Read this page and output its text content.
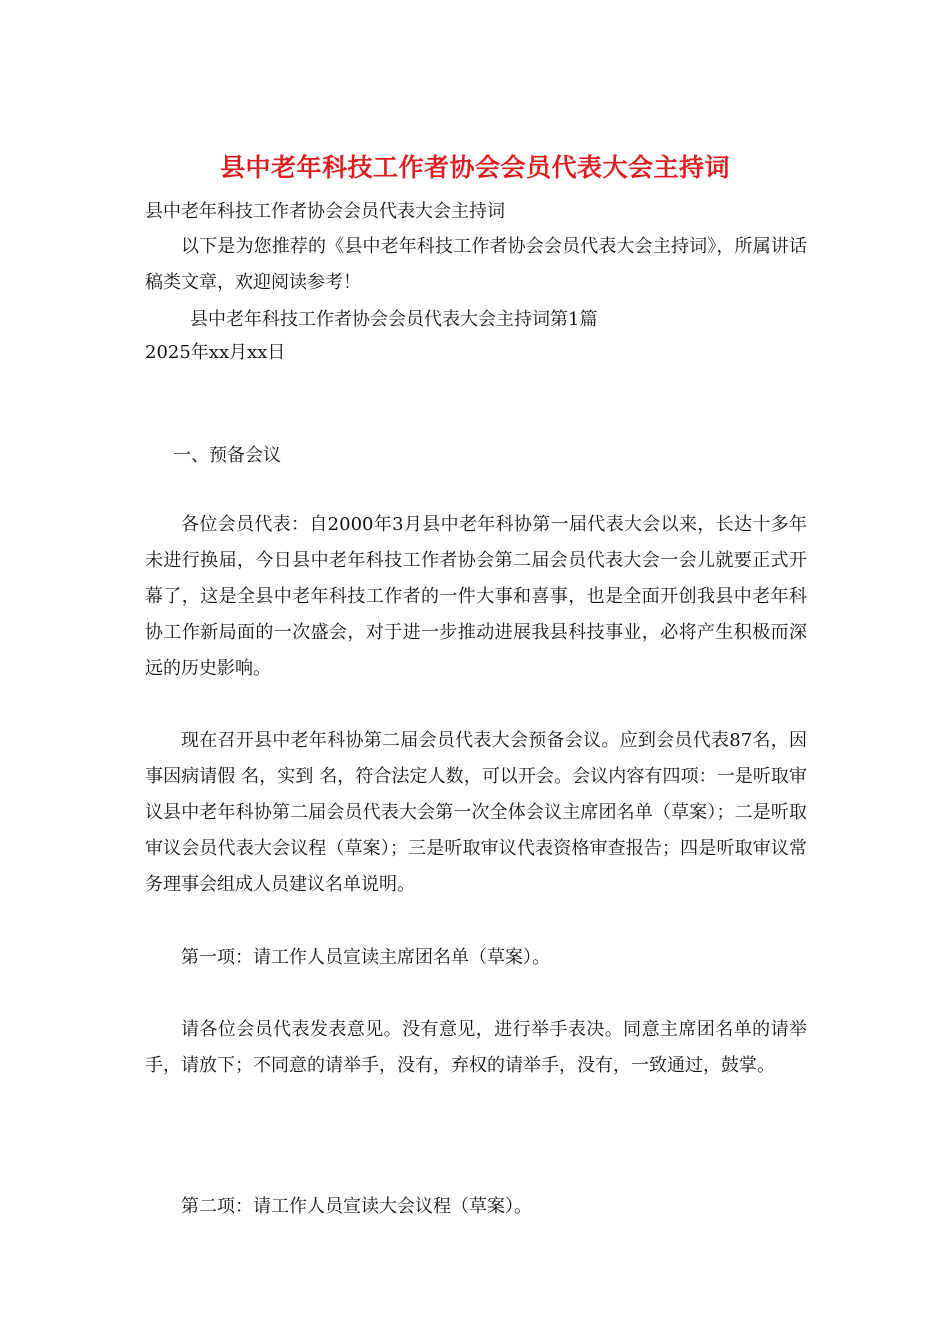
县中老年科技工作者协会会员代表大会主持词
县中老年科技工作者协会会员代表大会主持词
以下是为您推荐的《县中老年科技工作者协会会员代表大会主持词》，所属讲话稿类文章，欢迎阅读参考！
县中老年科技工作者协会会员代表大会主持词第1篇
2025年xx月xx日
一、预备会议
各位会员代表：自2000年3月县中老年科协第一届代表大会以来，长达十多年未进行换届，今日县中老年科技工作者协会第二届会员代表大会一会儿就要正式开幕了，这是全县中老年科技工作者的一件大事和喜事，也是全面开创我县中老年科协工作新局面的一次盛会，对于进一步推动进展我县科技事业，必将产生积极而深远的历史影响。
现在召开县中老年科协第二届会员代表大会预备会议。应到会员代表87名，因事因病请假 名，实到 名，符合法定人数，可以开会。会议内容有四项：一是听取审议县中老年科协第二届会员代表大会第一次全体会议主席团名单（草案）；二是听取审议会员代表大会议程（草案）；三是听取审议代表资格审查报告；四是听取审议常务理事会组成人员建议名单说明。
第一项：请工作人员宣读主席团名单（草案）。
请各位会员代表发表意见。没有意见，进行举手表决。同意主席团名单的请举手，请放下；不同意的请举手，没有，弃权的请举手，没有，一致通过，鼓掌。
第二项：请工作人员宣读大会议程（草案）。
